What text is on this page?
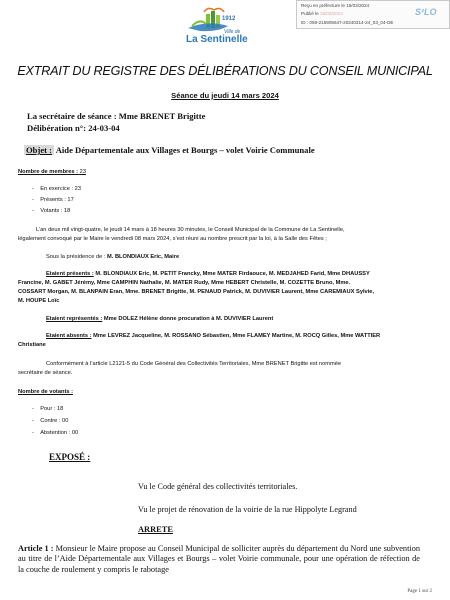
1912
Ville de
La Sentinelle
Reçu en préfecture le 15/03/2024
Publié le 15/03/2024
ID : 059-215905647-20240314-24_03_04-DE
S²LO
EXTRAIT DU REGISTRE DES DÉLIBÉRATIONS DU CONSEIL MUNICIPAL
Séance du jeudi 14 mars 2024
La secrétaire de séance : Mme BRENET Brigitte
Délibération n°: 24-03-04
Objet : Aide Départementale aux Villages et Bourgs – volet Voirie Communale
Nombre de membres : 23
-    En exercice : 23
-    Présents : 17
-    Votants : 18
L’an deux mil vingt-quatre, le jeudi 14 mars à 18 heures 30 minutes, le Conseil Municipal de la Commune de La Sentinelle,
légalement convoqué par le Maire le vendredi 08 mars 2024, s’est réuni au nombre prescrit par la loi, à la Salle des Fêtes ;
Sous la présidence de : M. BLONDIAUX Eric, Maire
Etaient présents : M. BLONDIAUX Eric, M. PETIT Francky, Mme MATER Firdaouce, M. MEDJAHED Farid, Mme DHAUSSY
Francine, M. GABET Jérémy, Mme CAMPHIN Nathalie, M. MATER Rudy, Mme HEBERT Christelle, M. COZETTE Bruno, Mme.
COSSART Morgan, M. BLANPAIN Eran, Mme. BRENET Brigitte, M. PENAUD Patrick, M. DUVIVIER Laurent, Mme CAREMIAUX Sylvie,
M. HOUPE Loïc
Etaient représentés : Mme DOLEZ Hélène donne procuration à M. DUVIVIER Laurent
Etaient absents : Mme LEVREZ Jacqueline, M. ROSSANO Sébastien, Mme FLAMEY Martine, M. ROCQ Gilles, Mme WATTIER
Christiane
Conformément à l’article L2121-5 du Code Général des Collectivités Territoriales, Mme BRENET Brigitte est nommée
secrétaire de séance.
Nombre de votants :
-    Pour : 18
-    Contre : 00
-    Abstention : 00
EXPOSÉ :
Vu le Code général des collectivités territoriales.
Vu le projet de rénovation de la voirie de la rue Hippolyte Legrand
ARRETE
Article 1 : Monsieur le Maire propose au Conseil Municipal de solliciter auprès du département du Nord une subvention au titre de l’Aide Départementale aux Villages et Bourgs – volet Voirie communale, pour une opération de réfection de la couche de roulement y compris le rabotage
Page 1 sur 2
